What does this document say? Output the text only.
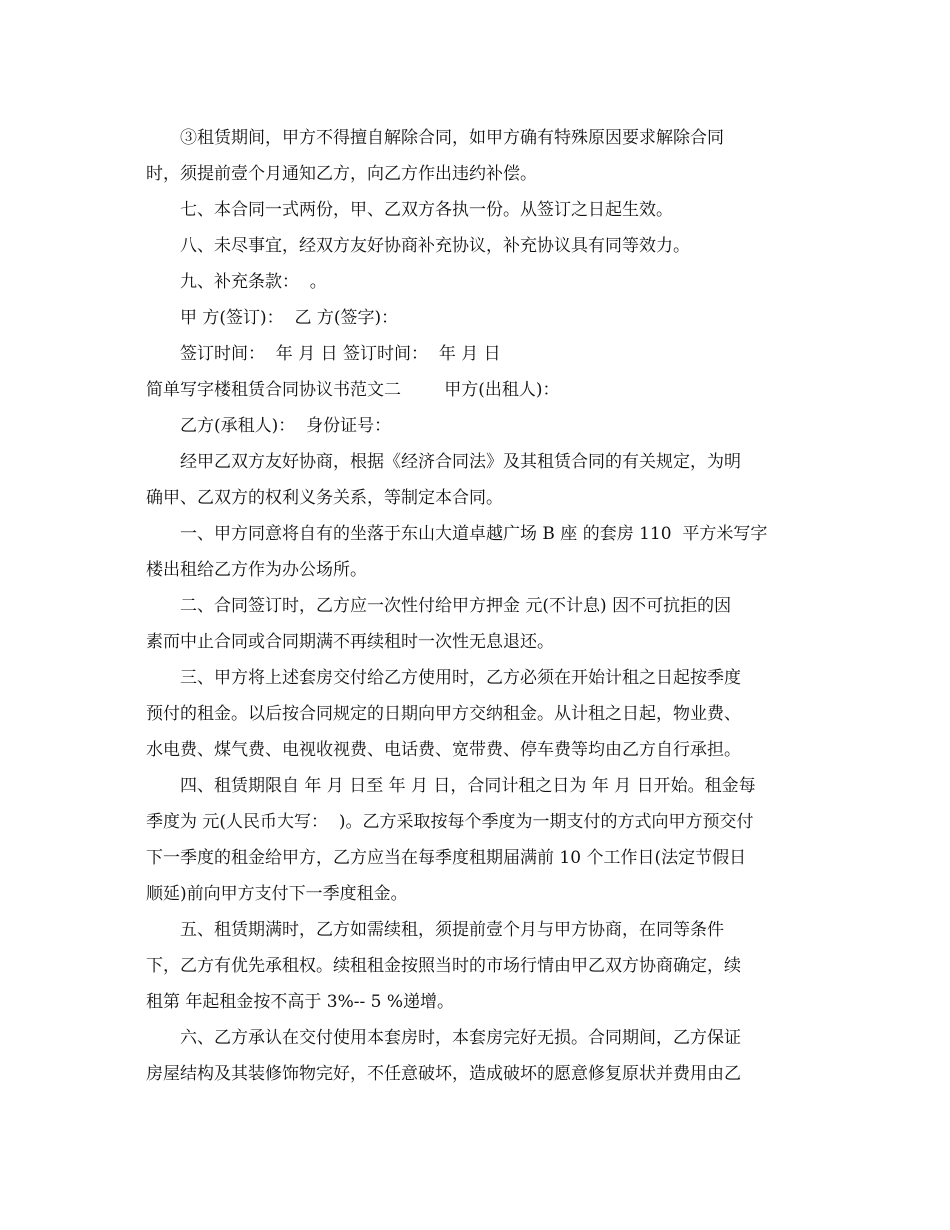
③租赁期间，甲方不得擅自解除合同，如甲方确有特殊原因要求解除合同
时，须提前壹个月通知乙方，向乙方作出违约补偿。
七、本合同一式两份，甲、乙双方各执一份。从签订之日起生效。
八、未尽事宜，经双方友好协商补充协议，补充协议具有同等效力。
九、补充条款：  。
甲 方(签订)：  乙 方(签字)：
签订时间：  年 月 日 签订时间：  年 月 日
简单写字楼租赁合同协议书范文二        甲方(出租人)：
乙方(承租人)：  身份证号：
经甲乙双方友好协商，根据《经济合同法》及其租赁合同的有关规定，为明
确甲、乙双方的权利义务关系，等制定本合同。
一、甲方同意将自有的坐落于东山大道卓越广场 B 座 的套房 110  平方米写字
楼出租给乙方作为办公场所。
二、合同签订时，乙方应一次性付给甲方押金 元(不计息) 因不可抗拒的因
素而中止合同或合同期满不再续租时一次性无息退还。
三、甲方将上述套房交付给乙方使用时，乙方必须在开始计租之日起按季度
预付的租金。以后按合同规定的日期向甲方交纳租金。从计租之日起，物业费、
水电费、煤气费、电视收视费、电话费、宽带费、停车费等均由乙方自行承担。
四、租赁期限自 年 月 日至 年 月 日，合同计租之日为 年 月 日开始。租金每
季度为 元(人民币大写：  )。乙方采取按每个季度为一期支付的方式向甲方预交付
下一季度的租金给甲方，乙方应当在每季度租期届满前 10 个工作日(法定节假日
顺延)前向甲方支付下一季度租金。
五、租赁期满时，乙方如需续租，须提前壹个月与甲方协商，在同等条件
下，乙方有优先承租权。续租租金按照当时的市场行情由甲乙双方协商确定，续
租第 年起租金按不高于 3%-- 5 %递增。
六、乙方承认在交付使用本套房时，本套房完好无损。合同期间，乙方保证
房屋结构及其装修饰物完好，不任意破坏，造成破坏的愿意修复原状并费用由乙
